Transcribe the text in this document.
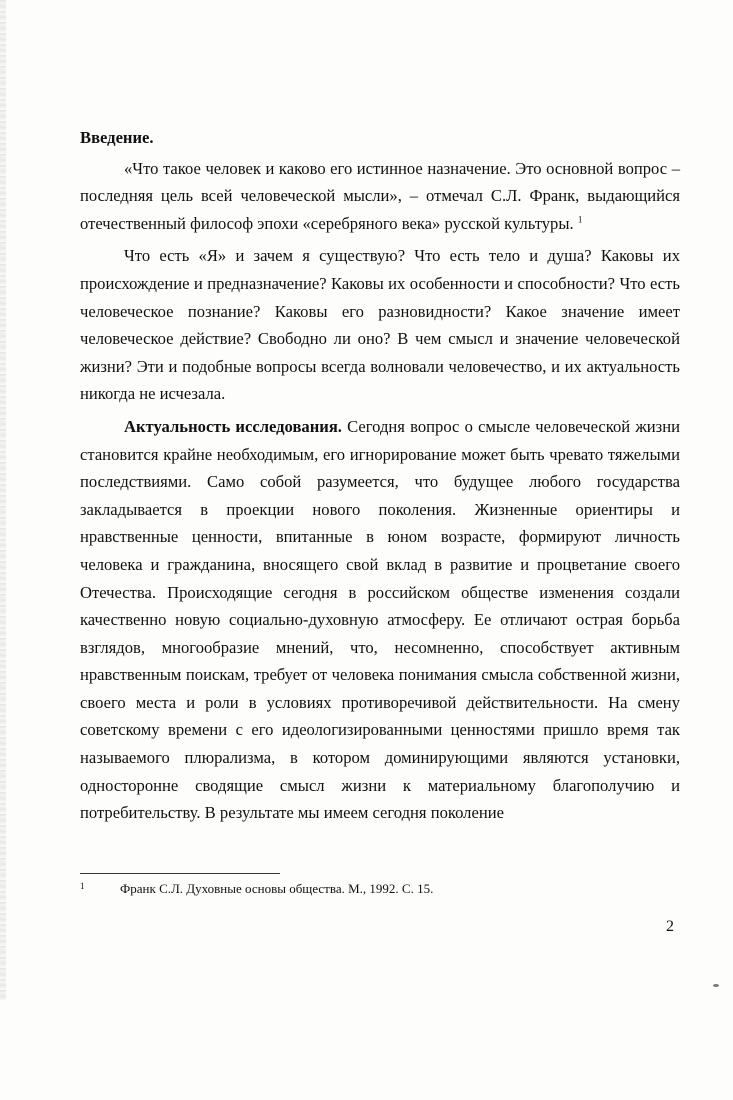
Введение.

«Что такое человек и каково его истинное назначение. Это основной вопрос – последняя цель всей человеческой мысли», – отмечал С.Л. Франк, выдающийся отечественный философ эпохи «серебряного века» русской культуры. $^1$

Что есть «Я» и зачем я существую? Что есть тело и душа? Каковы их происхождение и предназначение? Каковы их особенности и способности? Что есть человеческое познание? Каковы его разновидности? Какое значение имеет человеческое действие? Свободно ли оно? В чем смысл и значение человеческой жизни? Эти и подобные вопросы всегда волновали человечество, и их актуальность никогда не исчезала.

Актуальность исследования. Сегодня вопрос о смысле человеческой жизни становится крайне необходимым, его игнорирование может быть чревато тяжелыми последствиями. Само собой разумеется, что будущее любого государства закладывается в проекции нового поколения. Жизненные ориентиры и нравственные ценности, впитанные в юном возрасте, формируют личность человека и гражданина, вносящего свой вклад в развитие и процветание своего Отечества. Происходящие сегодня в российском обществе изменения создали качественно новую социально-духовную атмосферу. Ее отличают острая борьба взглядов, многообразие мнений, что, несомненно, способствует активным нравственным поискам, требует от человека понимания смысла собственной жизни, своего места и роли в условиях противоречивой действительности. На смену советскому времени с его идеологизированными ценностями пришло время так называемого плюрализма, в котором доминирующими являются установки, односторонне сводящие смысл жизни к материальному благополучию и потребительству. В результате мы имеем сегодня поколение

1	Франк С.Л. Духовные основы общества. М., 1992. С. 15.
2
